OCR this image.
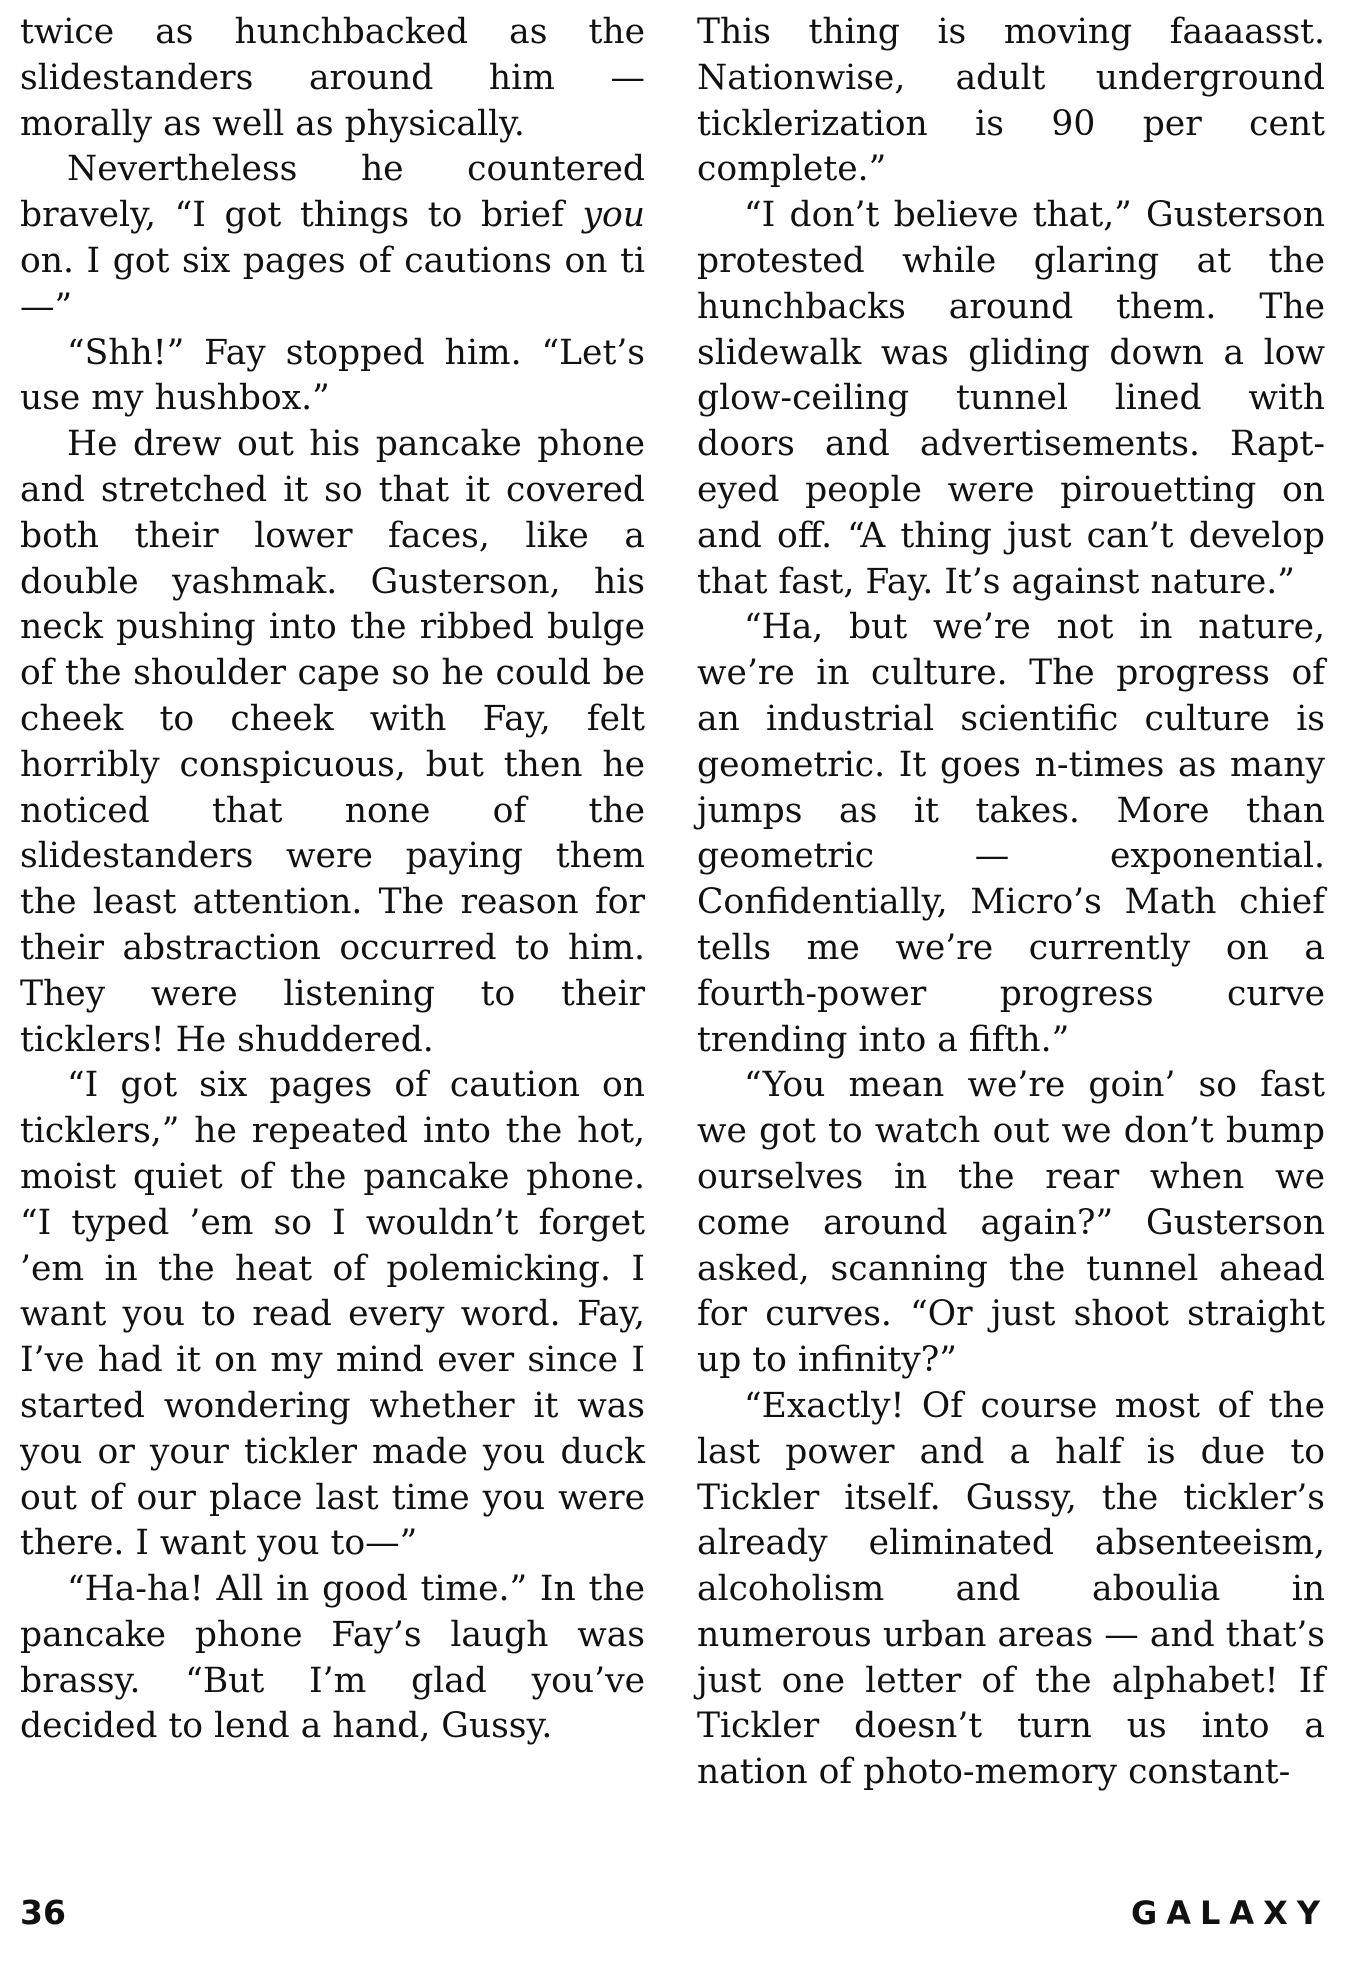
twice as hunchbacked as the slidestanders around him — morally as well as physically.

Nevertheless he countered bravely, “I got things to brief you on. I got six pages of cautions on ti —”

“Shh!” Fay stopped him. “Let’s use my hushbox.”

He drew out his pancake phone and stretched it so that it covered both their lower faces, like a double yashmak. Gusterson, his neck pushing into the ribbed bulge of the shoulder cape so he could be cheek to cheek with Fay, felt horribly conspicuous, but then he noticed that none of the slidestanders were paying them the least attention. The reason for their abstraction occurred to him. They were listening to their ticklers! He shuddered.

“I got six pages of caution on ticklers,” he repeated into the hot, moist quiet of the pancake phone. “I typed ’em so I wouldn’t forget ’em in the heat of polemicking. I want you to read every word. Fay, I’ve had it on my mind ever since I started wondering whether it was you or your tickler made you duck out of our place last time you were there. I want you to—”

“Ha-ha! All in good time.” In the pancake phone Fay’s laugh was brassy. “But I’m glad you’ve decided to lend a hand, Gussy.

This thing is moving faaaasst. Nationwise, adult underground ticklerization is 90 per cent complete.”

“I don’t believe that,” Gusterson protested while glaring at the hunchbacks around them. The slidewalk was gliding down a low glow-ceiling tunnel lined with doors and advertisements. Rapt-eyed people were pirouetting on and off. “A thing just can’t develop that fast, Fay. It’s against nature.”

“Ha, but we’re not in nature, we’re in culture. The progress of an industrial scientific culture is geometric. It goes n-times as many jumps as it takes. More than geometric — exponential. Confidentially, Micro’s Math chief tells me we’re currently on a fourth-power progress curve trending into a fifth.”

“You mean we’re goin’ so fast we got to watch out we don’t bump ourselves in the rear when we come around again?” Gusterson asked, scanning the tunnel ahead for curves. “Or just shoot straight up to infinity?”

“Exactly! Of course most of the last power and a half is due to Tickler itself. Gussy, the tickler’s already eliminated absenteeism, alcoholism and aboulia in numerous urban areas — and that’s just one letter of the alphabet! If Tickler doesn’t turn us into a nation of photo-memory constant-

36	GALAXY
